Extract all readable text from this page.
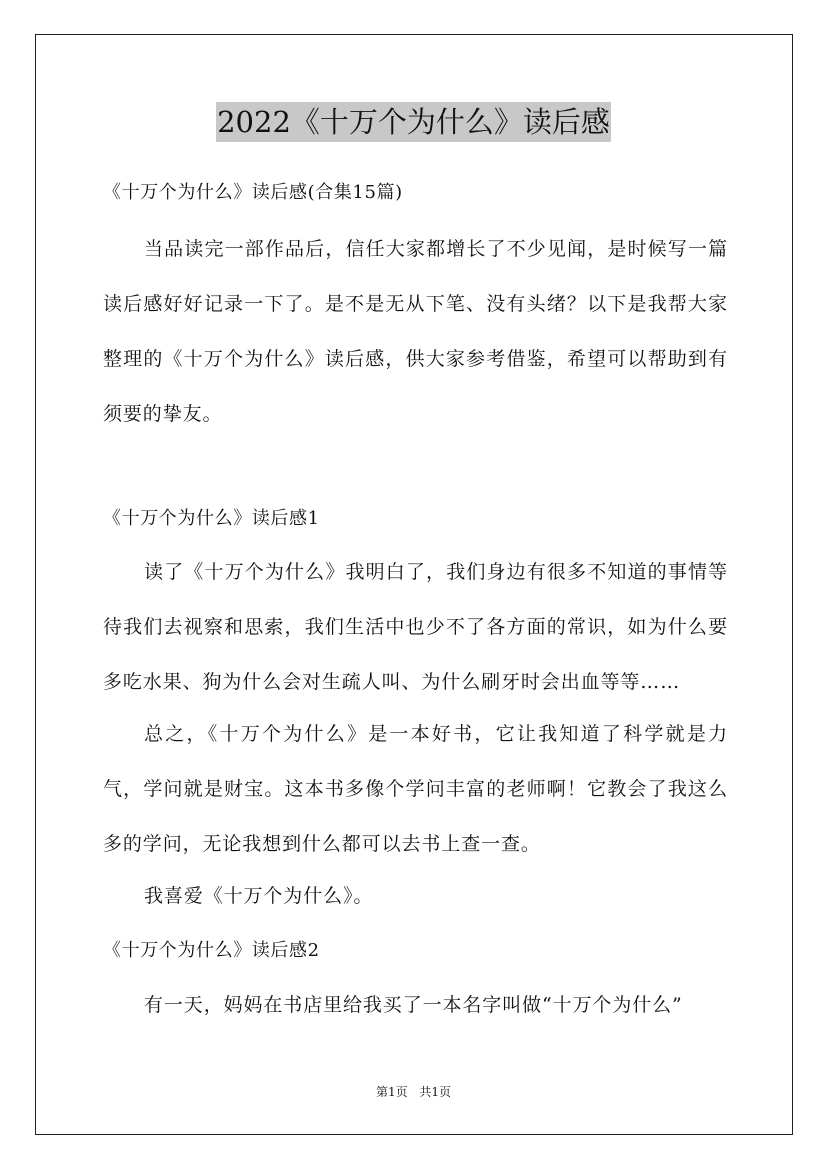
2022《十万个为什么》读后感
《十万个为什么》读后感(合集15篇)

当品读完一部作品后，信任大家都增长了不少见闻，是时候写一篇读后感好好记录一下了。是不是无从下笔、没有头绪？以下是我帮大家整理的《十万个为什么》读后感，供大家参考借鉴，希望可以帮助到有须要的挚友。

《十万个为什么》读后感1

读了《十万个为什么》我明白了，我们身边有很多不知道的事情等待我们去视察和思索，我们生活中也少不了各方面的常识，如为什么要多吃水果、狗为什么会对生疏人叫、为什么刷牙时会出血等等……

总之，《十万个为什么》是一本好书，它让我知道了科学就是力气，学问就是财宝。这本书多像个学问丰富的老师啊！它教会了我这么多的学问，无论我想到什么都可以去书上查一查。

我喜爱《十万个为什么》。

《十万个为什么》读后感2

有一天，妈妈在书店里给我买了一本名字叫做“十万个为什么”

第1页 共1页
